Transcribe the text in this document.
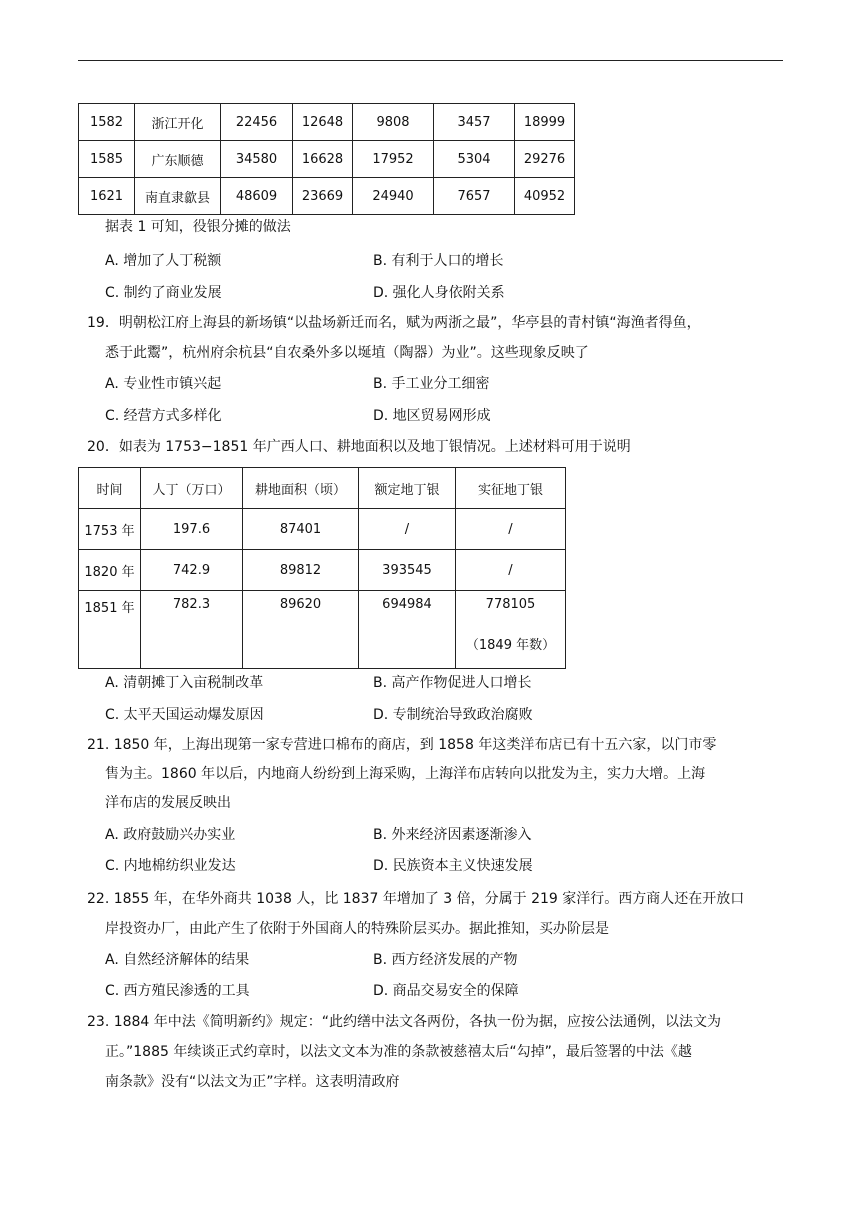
1582	浙江开化	22456	12648	9808	3457	18999
1585	广东顺德	34580	16628	17952	5304	29276
1621	南直隶歙县	48609	23669	24940	7657	40952
据表 1 可知，役银分摊的做法
A. 增加了人丁税额	B. 有利于人口的增长
C. 制约了商业发展	D. 强化人身依附关系
19．明朝松江府上海县的新场镇“以盐场新迁而名，赋为两浙之最”，华亭县的青村镇“海渔者得鱼，
悉于此鬻”，杭州府余杭县“自农桑外多以埏埴（陶器）为业”。这些现象反映了
A. 专业性市镇兴起	B. 手工业分工细密
C. 经营方式多样化	D. 地区贸易网形成
20．如表为 1753−1851 年广西人口、耕地面积以及地丁银情况。上述材料可用于说明
时间	人丁（万口）	耕地面积（顷）	额定地丁银	实征地丁银
1753 年	197.6	87401	/	/
1820 年	742.9	89812	393545	/
1851 年	782.3	89620	694984	778105
（1849 年数）
A. 清朝摊丁入亩税制改革	B. 高产作物促进人口增长
C. 太平天国运动爆发原因	D. 专制统治导致政治腐败
21. 1850 年，上海出现第一家专营进口棉布的商店，到 1858 年这类洋布店已有十五六家，以门市零
售为主。1860 年以后，内地商人纷纷到上海采购，上海洋布店转向以批发为主，实力大增。上海
洋布店的发展反映出
A. 政府鼓励兴办实业	B. 外来经济因素逐渐渗入
C. 内地棉纺织业发达	D. 民族资本主义快速发展
22. 1855 年，在华外商共 1038 人，比 1837 年增加了 3 倍，分属于 219 家洋行。西方商人还在开放口
岸投资办厂，由此产生了依附于外国商人的特殊阶层买办。据此推知，买办阶层是
A. 自然经济解体的结果	B. 西方经济发展的产物
C. 西方殖民渗透的工具	D. 商品交易安全的保障
23. 1884 年中法《简明新约》规定：“此约缮中法文各两份，各执一份为据，应按公法通例，以法文为
正。”1885 年续谈正式约章时，以法文文本为准的条款被慈禧太后“勾掉”，最后签署的中法《越
南条款》没有“以法文为正”字样。这表明清政府
